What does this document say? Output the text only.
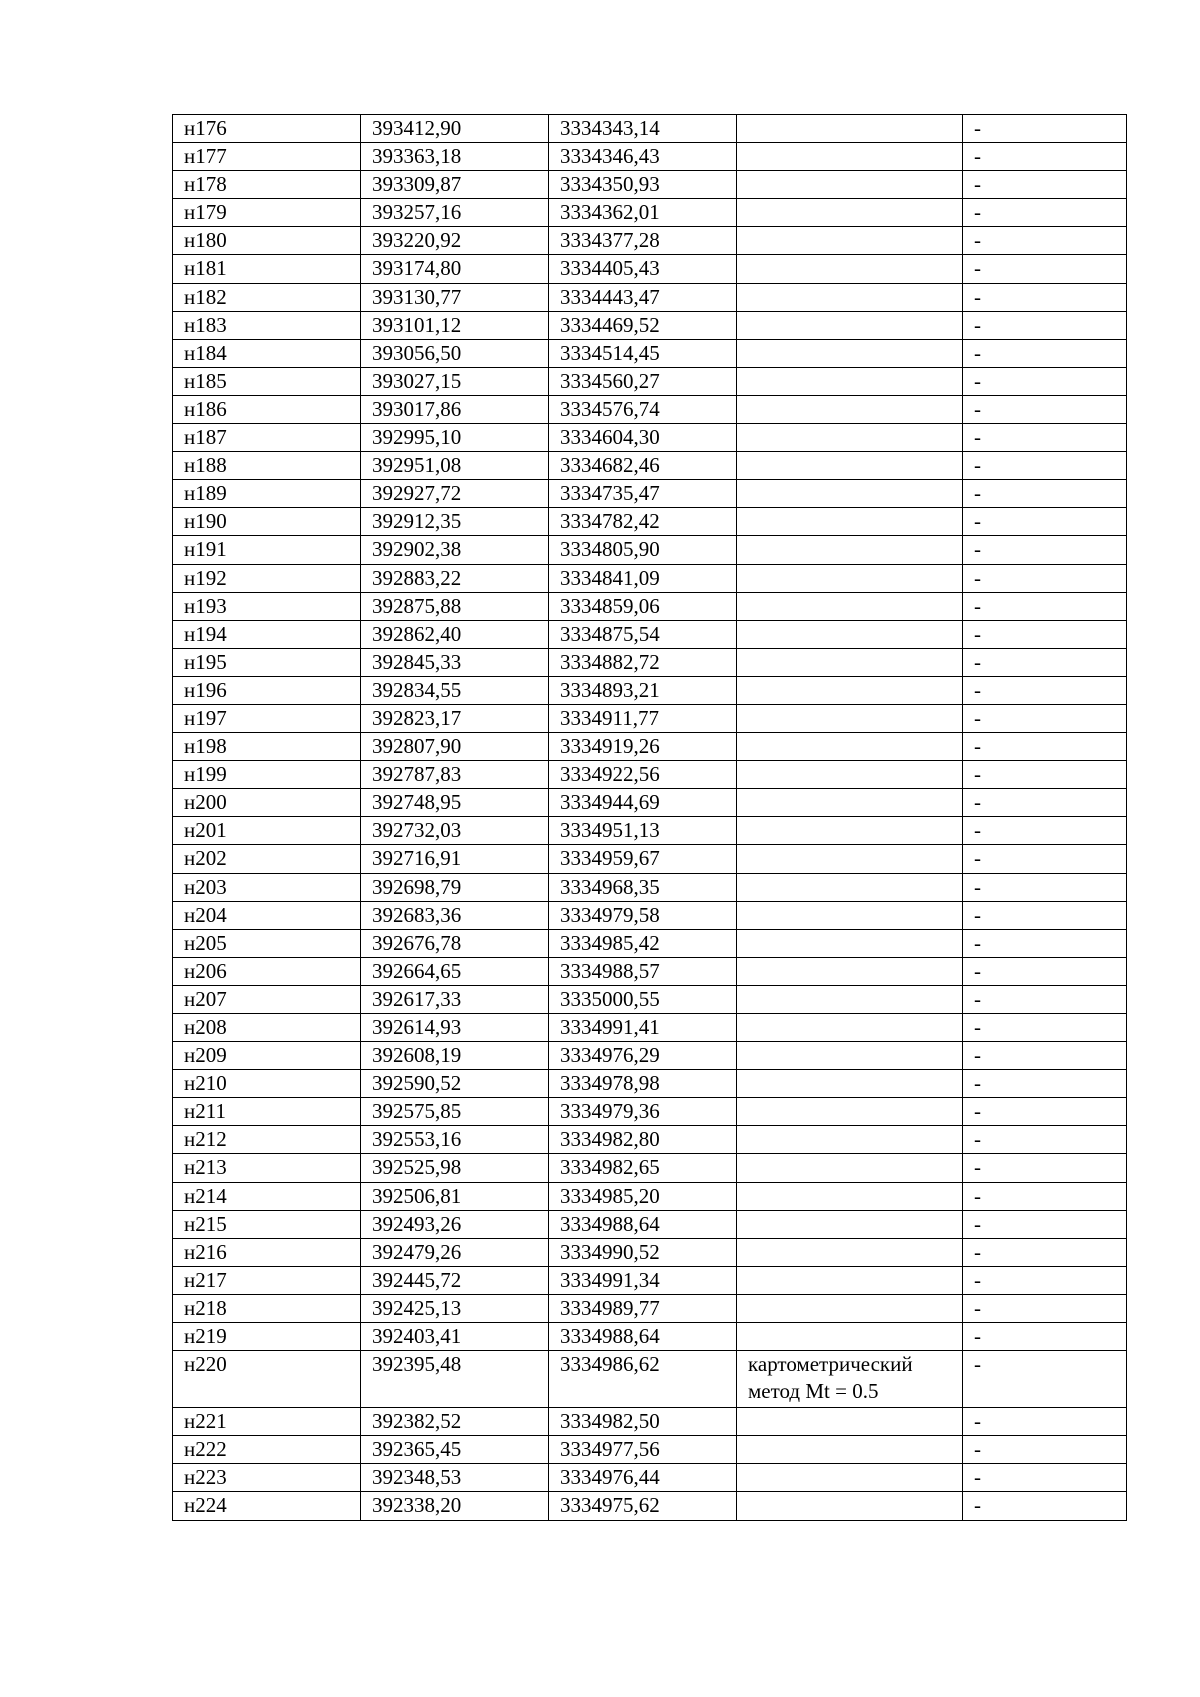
н176	393412,90	3334343,14		-
н177	393363,18	3334346,43		-
н178	393309,87	3334350,93		-
н179	393257,16	3334362,01		-
н180	393220,92	3334377,28		-
н181	393174,80	3334405,43		-
н182	393130,77	3334443,47		-
н183	393101,12	3334469,52		-
н184	393056,50	3334514,45		-
н185	393027,15	3334560,27		-
н186	393017,86	3334576,74		-
н187	392995,10	3334604,30		-
н188	392951,08	3334682,46		-
н189	392927,72	3334735,47		-
н190	392912,35	3334782,42		-
н191	392902,38	3334805,90		-
н192	392883,22	3334841,09		-
н193	392875,88	3334859,06		-
н194	392862,40	3334875,54		-
н195	392845,33	3334882,72		-
н196	392834,55	3334893,21		-
н197	392823,17	3334911,77		-
н198	392807,90	3334919,26		-
н199	392787,83	3334922,56		-
н200	392748,95	3334944,69		-
н201	392732,03	3334951,13		-
н202	392716,91	3334959,67		-
н203	392698,79	3334968,35		-
н204	392683,36	3334979,58		-
н205	392676,78	3334985,42		-
н206	392664,65	3334988,57		-
н207	392617,33	3335000,55		-
н208	392614,93	3334991,41		-
н209	392608,19	3334976,29		-
н210	392590,52	3334978,98		-
н211	392575,85	3334979,36		-
н212	392553,16	3334982,80		-
н213	392525,98	3334982,65		-
н214	392506,81	3334985,20		-
н215	392493,26	3334988,64		-
н216	392479,26	3334990,52		-
н217	392445,72	3334991,34		-
н218	392425,13	3334989,77		-
н219	392403,41	3334988,64		-
н220	392395,48	3334986,62	картометрический метод Mt = 0.5	-
н221	392382,52	3334982,50		-
н222	392365,45	3334977,56		-
н223	392348,53	3334976,44		-
н224	392338,20	3334975,62		-
